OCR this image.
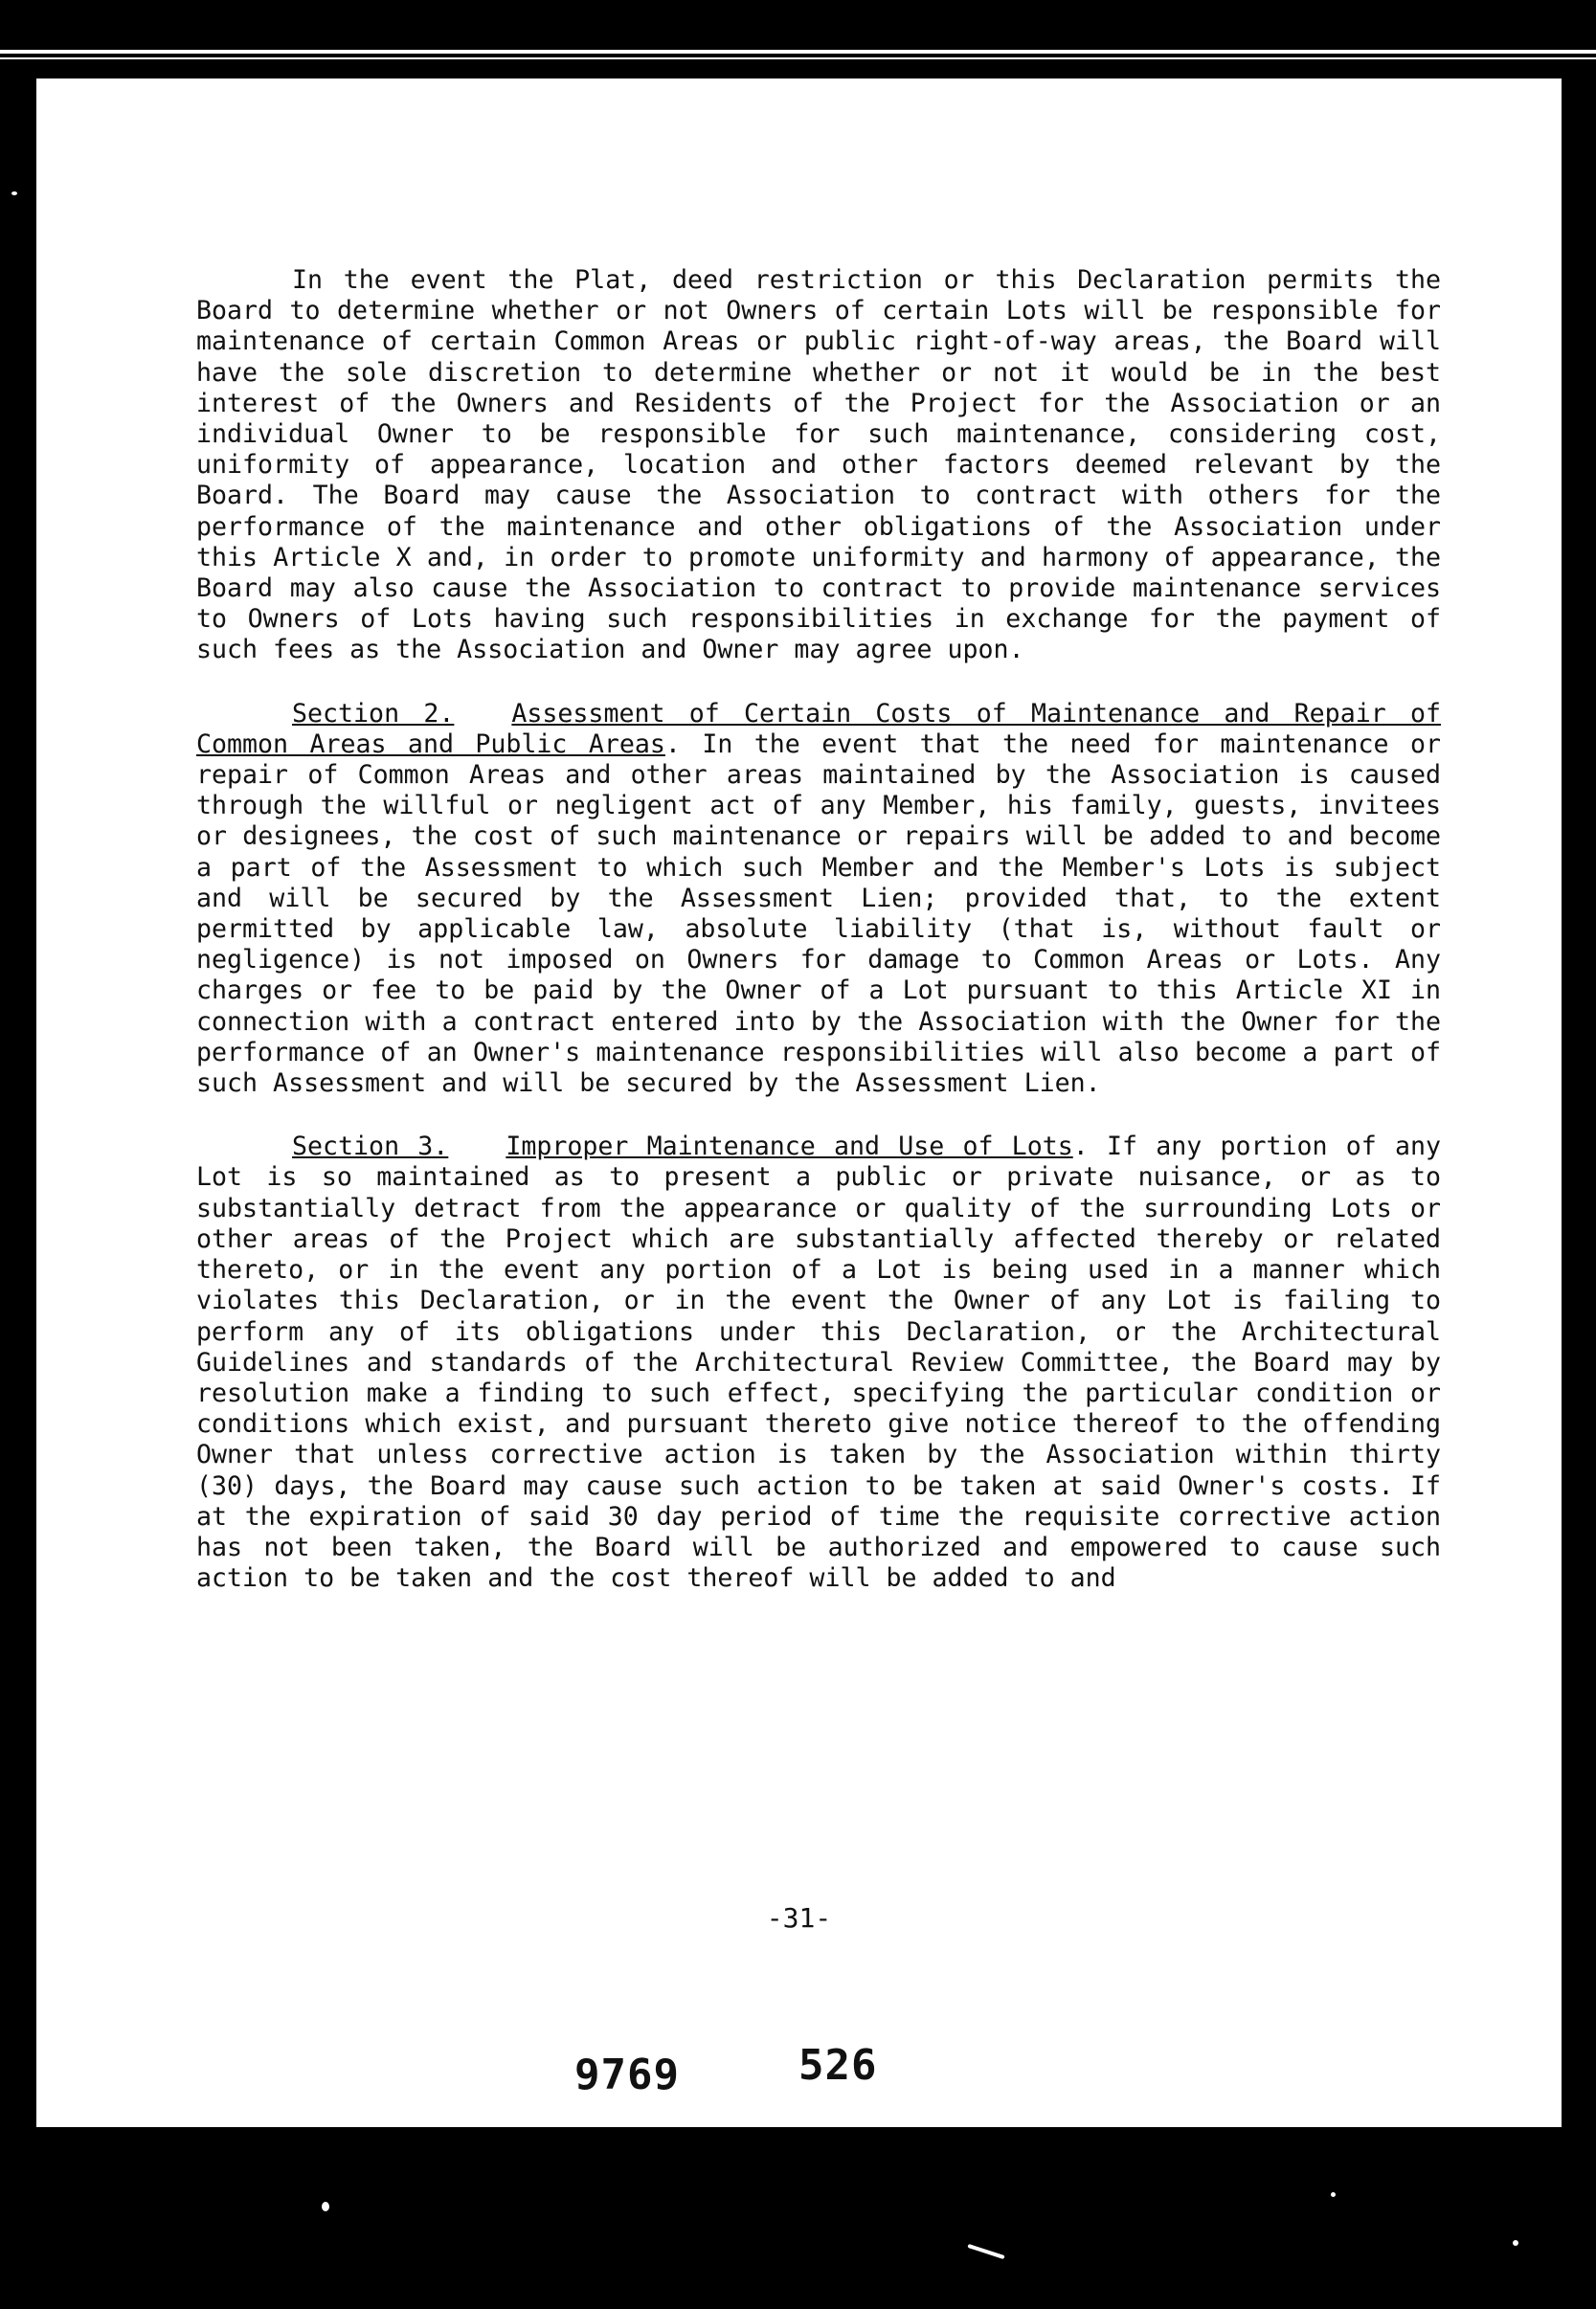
In the event the Plat, deed restriction or this Declaration permits the Board to determine whether or not Owners of certain Lots will be responsible for maintenance of certain Common Areas or public right-of-way areas, the Board will have the sole discretion to determine whether or not it would be in the best interest of the Owners and Residents of the Project for the Association or an individual Owner to be responsible for such maintenance, considering cost, uniformity of appearance, location and other factors deemed relevant by the Board. The Board may cause the Association to contract with others for the performance of the maintenance and other obligations of the Association under this Article X and, in order to promote uniformity and harmony of appearance, the Board may also cause the Association to contract to provide maintenance services to Owners of Lots having such responsibilities in exchange for the payment of such fees as the Association and Owner may agree upon.

Section 2. Assessment of Certain Costs of Maintenance and Repair of Common Areas and Public Areas. In the event that the need for maintenance or repair of Common Areas and other areas maintained by the Association is caused through the willful or negligent act of any Member, his family, guests, invitees or designees, the cost of such maintenance or repairs will be added to and become a part of the Assessment to which such Member and the Member's Lots is subject and will be secured by the Assessment Lien; provided that, to the extent permitted by applicable law, absolute liability (that is, without fault or negligence) is not imposed on Owners for damage to Common Areas or Lots. Any charges or fee to be paid by the Owner of a Lot pursuant to this Article XI in connection with a contract entered into by the Association with the Owner for the performance of an Owner's maintenance responsibilities will also become a part of such Assessment and will be secured by the Assessment Lien.

Section 3. Improper Maintenance and Use of Lots. If any portion of any Lot is so maintained as to present a public or private nuisance, or as to substantially detract from the appearance or quality of the surrounding Lots or other areas of the Project which are substantially affected thereby or related thereto, or in the event any portion of a Lot is being used in a manner which violates this Declaration, or in the event the Owner of any Lot is failing to perform any of its obligations under this Declaration, or the Architectural Guidelines and standards of the Architectural Review Committee, the Board may by resolution make a finding to such effect, specifying the particular condition or conditions which exist, and pursuant thereto give notice thereof to the offending Owner that unless corrective action is taken by the Association within thirty (30) days, the Board may cause such action to be taken at said Owner's costs. If at the expiration of said 30 day period of time the requisite corrective action has not been taken, the Board will be authorized and empowered to cause such action to be taken and the cost thereof will be added to and

-31-
9769	526
